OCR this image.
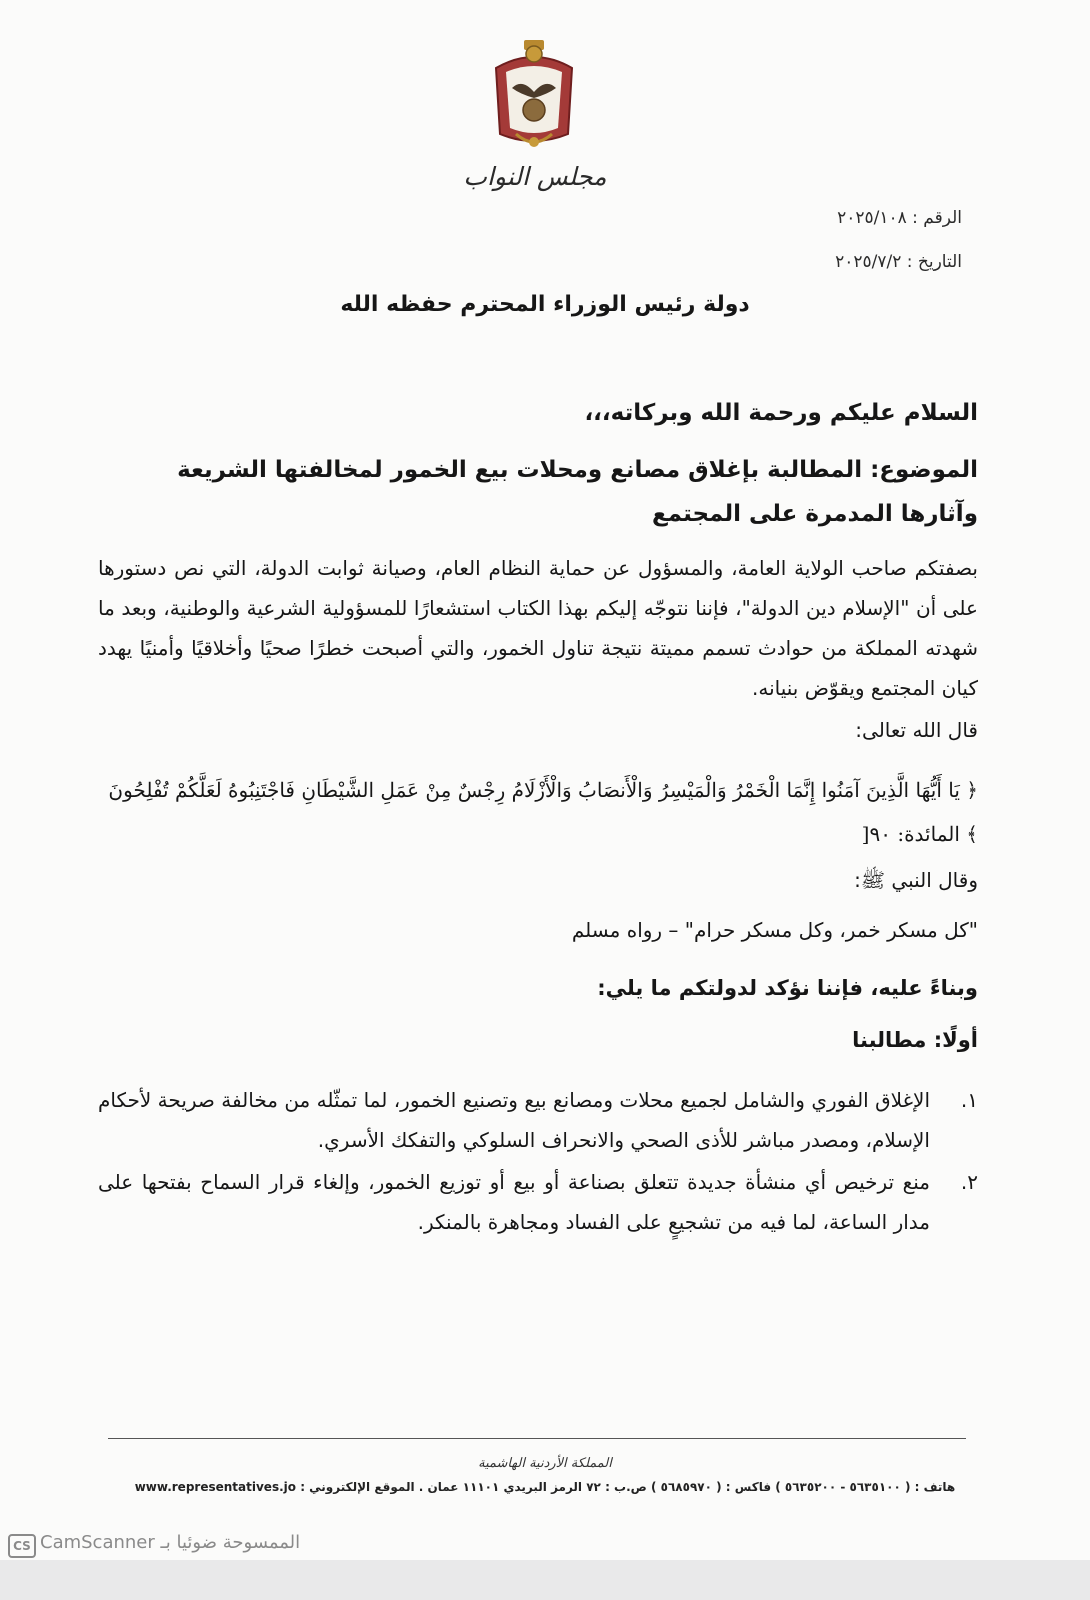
مجلس النواب
الرقم : ٢٠٢٥/١٠٨
التاريخ : ٢٠٢٥/٧/٢
دولة رئيس الوزراء المحترم حفظه الله
السلام عليكم ورحمة الله وبركاته،،،
الموضوع: المطالبة بإغلاق مصانع ومحلات بيع الخمور لمخالفتها الشريعة وآثارها المدمرة على المجتمع
بصفتكم صاحب الولاية العامة، والمسؤول عن حماية النظام العام، وصيانة ثوابت الدولة، التي نص دستورها على أن "الإسلام دين الدولة"، فإننا نتوجّه إليكم بهذا الكتاب استشعارًا للمسؤولية الشرعية والوطنية، وبعد ما شهدته المملكة من حوادث تسمم مميتة نتيجة تناول الخمور، والتي أصبحت خطرًا صحيًا وأخلاقيًا وأمنيًا يهدد كيان المجتمع ويقوّض بنيانه.
قال الله تعالى:
﴿ يَا أَيُّهَا الَّذِينَ آمَنُوا إِنَّمَا الْخَمْرُ وَالْمَيْسِرُ وَالْأَنصَابُ وَالْأَزْلَامُ رِجْسٌ مِنْ عَمَلِ الشَّيْطَانِ فَاجْتَنِبُوهُ لَعَلَّكُمْ تُفْلِحُونَ ﴾ المائدة: ٩٠[
وقال النبي ﷺ:
"كل مسكر خمر، وكل مسكر حرام" – رواه مسلم
وبناءً عليه، فإننا نؤكد لدولتكم ما يلي:
أولًا: مطالبنا
١.
الإغلاق الفوري والشامل لجميع محلات ومصانع بيع وتصنيع الخمور، لما تمثّله من مخالفة صريحة لأحكام الإسلام، ومصدر مباشر للأذى الصحي والانحراف السلوكي والتفكك الأسري.
٢.
منع ترخيص أي منشأة جديدة تتعلق بصناعة أو بيع أو توزيع الخمور، وإلغاء قرار السماح بفتحها على مدار الساعة، لما فيه من تشجيعٍ على الفساد ومجاهرة بالمنكر.
المملكة الأردنية الهاشمية
هاتف : ( ٥٦٣٥١٠٠ - ٥٦٣٥٢٠٠ ) فاكس : ( ٥٦٨٥٩٧٠ ) ص.ب : ٧٢ الرمز البريدي ١١١٠١ عمان . الموقع الإلكتروني : www.representatives.jo
CS الممسوحة ضوئيا بـ CamScanner
